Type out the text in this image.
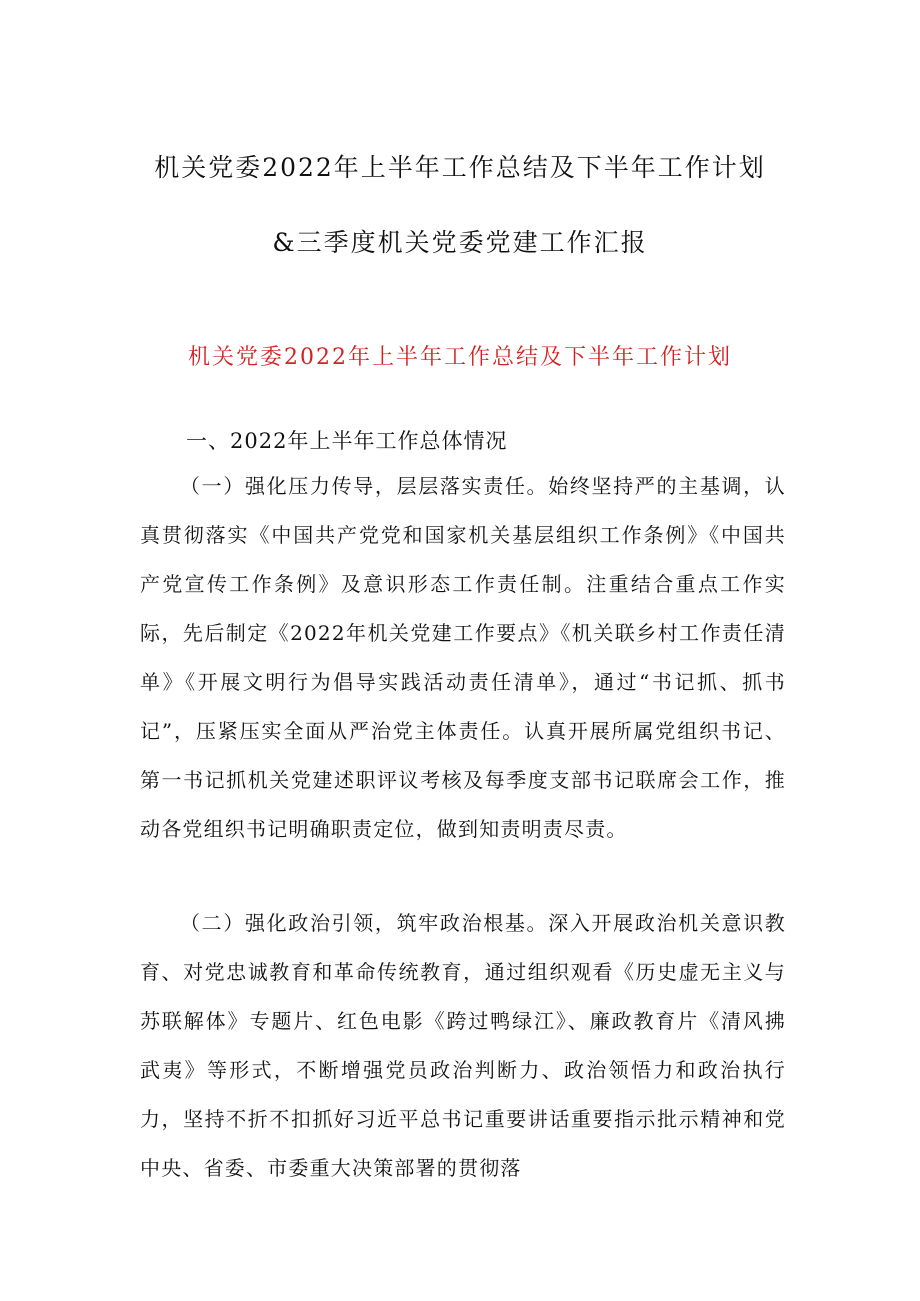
机关党委2022年上半年工作总结及下半年工作计划
&三季度机关党委党建工作汇报
机关党委2022年上半年工作总结及下半年工作计划
一、2022年上半年工作总体情况

（一）强化压力传导，层层落实责任。始终坚持严的主基调，认真贯彻落实《中国共产党党和国家机关基层组织工作条例》《中国共产党宣传工作条例》及意识形态工作责任制。注重结合重点工作实际，先后制定《2022年机关党建工作要点》《机关联乡村工作责任清单》《开展文明行为倡导实践活动责任清单》，通过“书记抓、抓书记”，压紧压实全面从严治党主体责任。认真开展所属党组织书记、第一书记抓机关党建述职评议考核及每季度支部书记联席会工作，推动各党组织书记明确职责定位，做到知责明责尽责。

（二）强化政治引领，筑牢政治根基。深入开展政治机关意识教育、对党忠诚教育和革命传统教育，通过组织观看《历史虚无主义与苏联解体》专题片、红色电影《跨过鸭绿江》、廉政教育片《清风拂武夷》等形式，不断增强党员政治判断力、政治领悟力和政治执行力，坚持不折不扣抓好习近平总书记重要讲话重要指示批示精神和党中央、省委、市委重大决策部署的贯彻落
